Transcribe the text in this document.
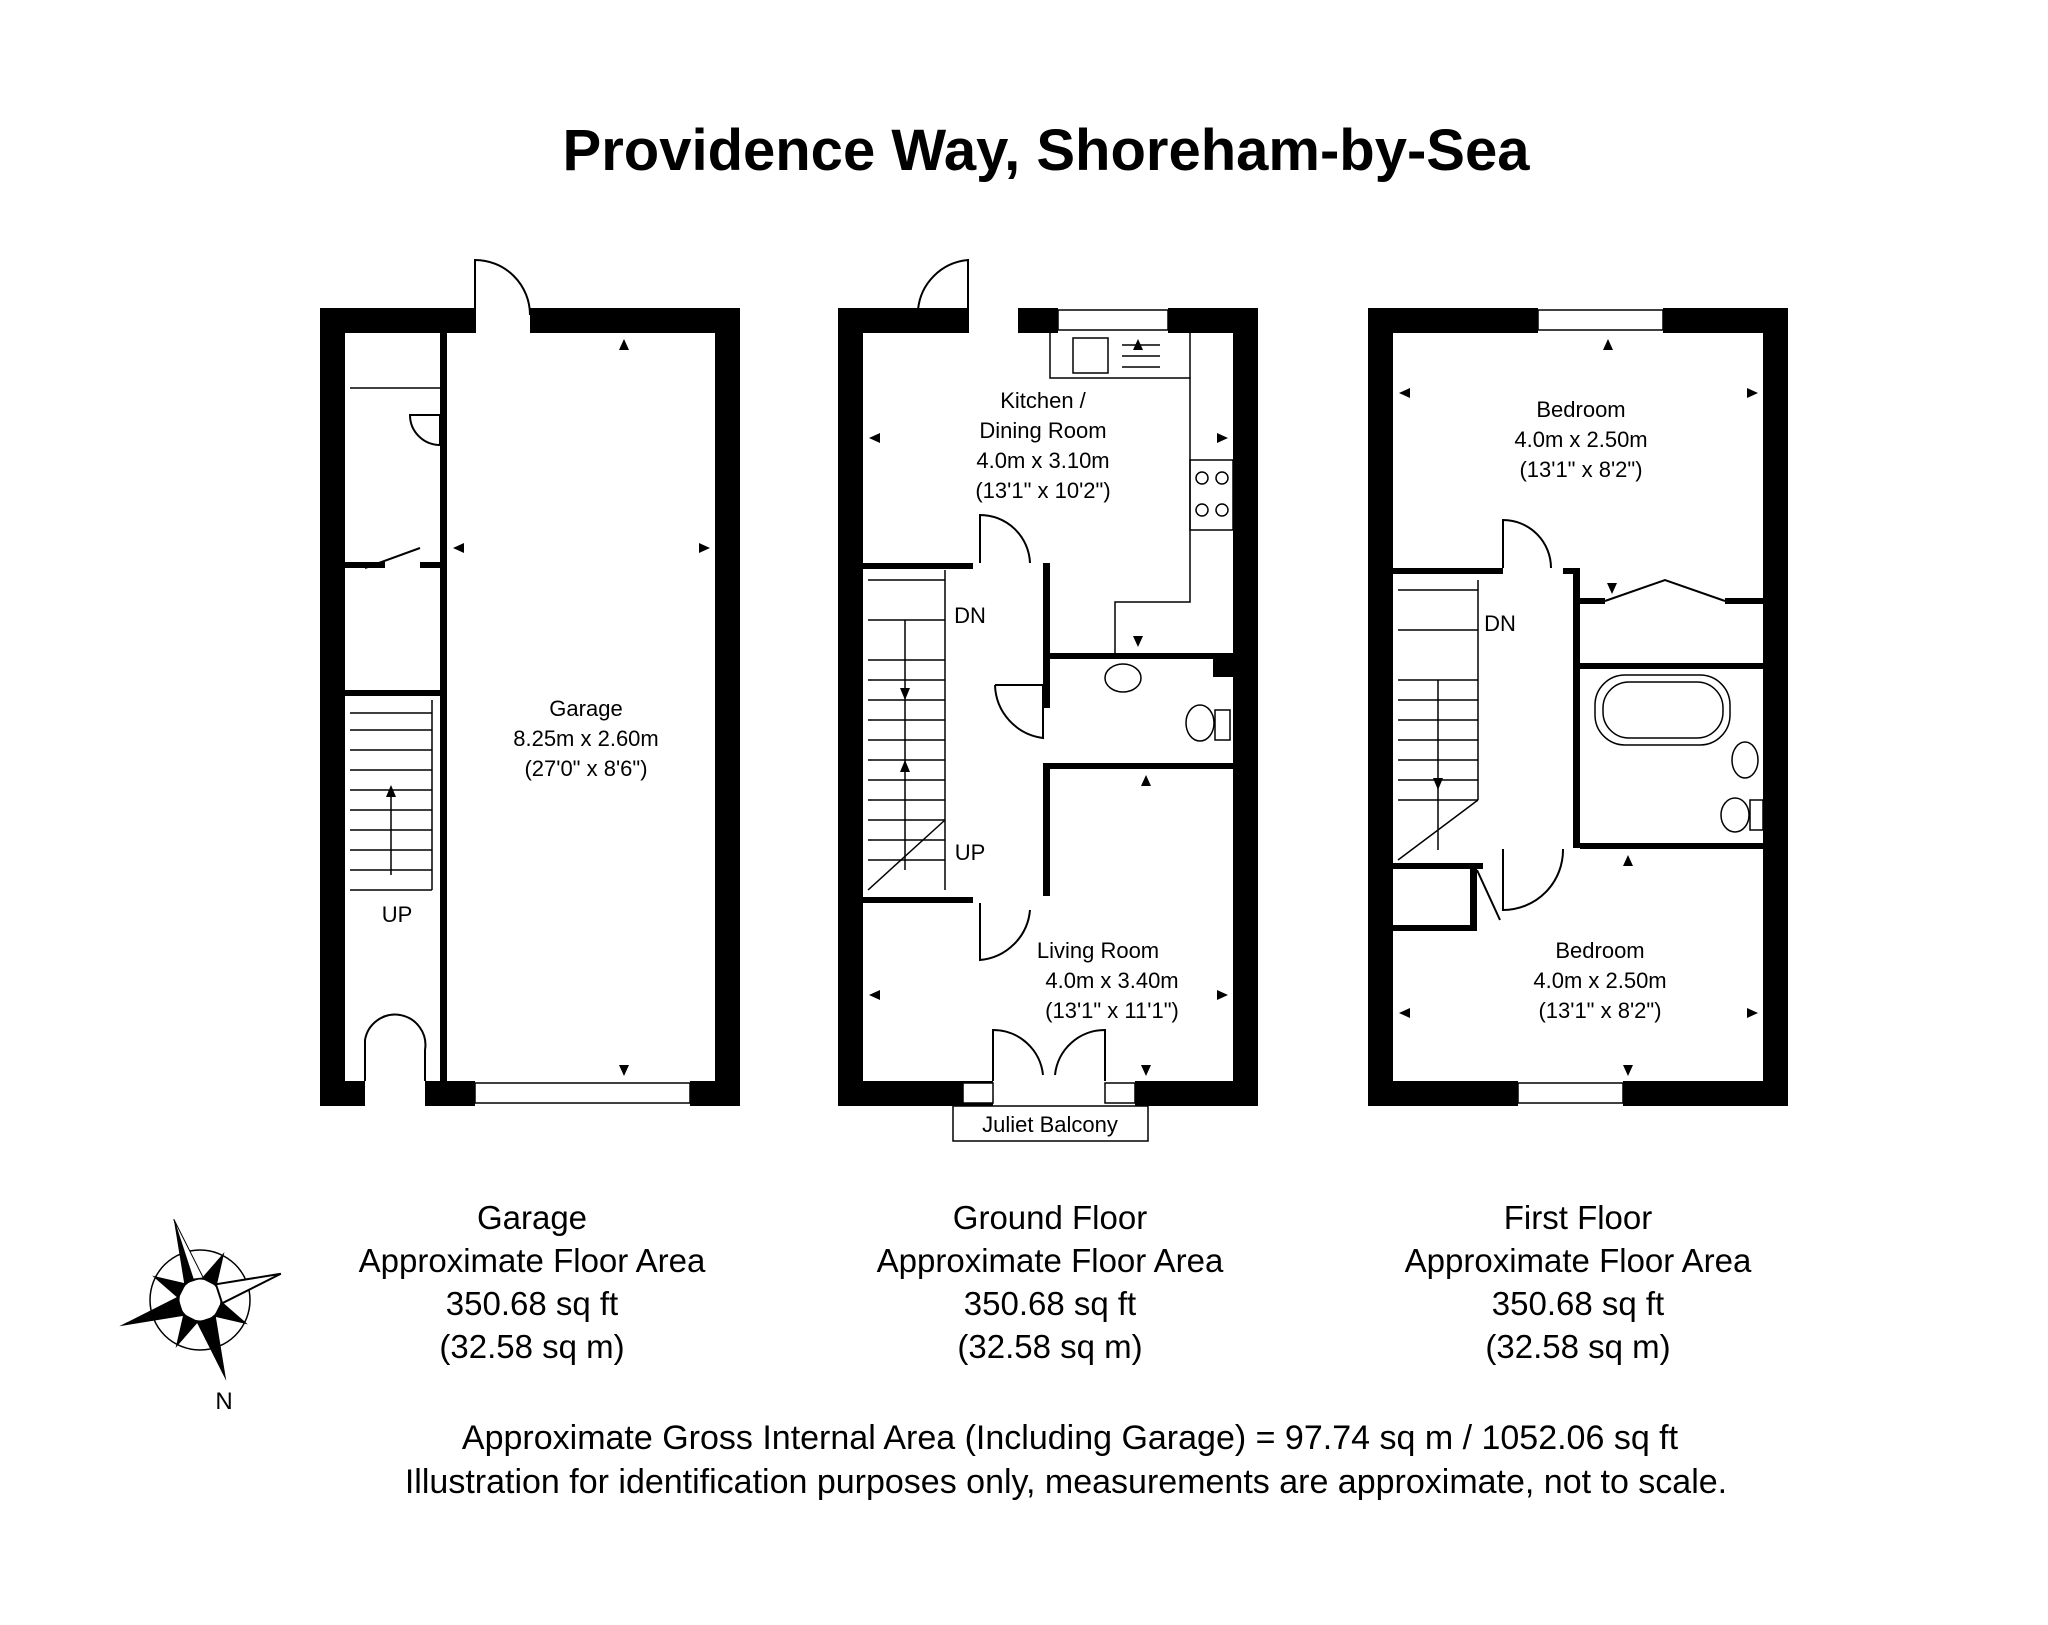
Providence Way, Shoreham-by-Sea
UP
Garage
8.25m x 2.60m
(27'0" x 8'6")
Juliet Balcony
DN
UP
Kitchen /
Dining Room
4.0m x 3.10m
(13'1" x 10'2")
Living Room
4.0m x 3.40m
(13'1" x 11'1")
DN
Bedroom
4.0m x 2.50m
(13'1" x 8'2")
Bedroom
4.0m x 2.50m
(13'1" x 8'2")
Garage
Approximate Floor Area
350.68 sq ft
(32.58 sq m)
Ground Floor
Approximate Floor Area
350.68 sq ft
(32.58 sq m)
First Floor
Approximate Floor Area
350.68 sq ft
(32.58 sq m)
N
Approximate Gross Internal Area (Including Garage) = 97.74 sq m / 1052.06 sq ft
Illustration for identification purposes only, measurements are approximate, not to scale.
